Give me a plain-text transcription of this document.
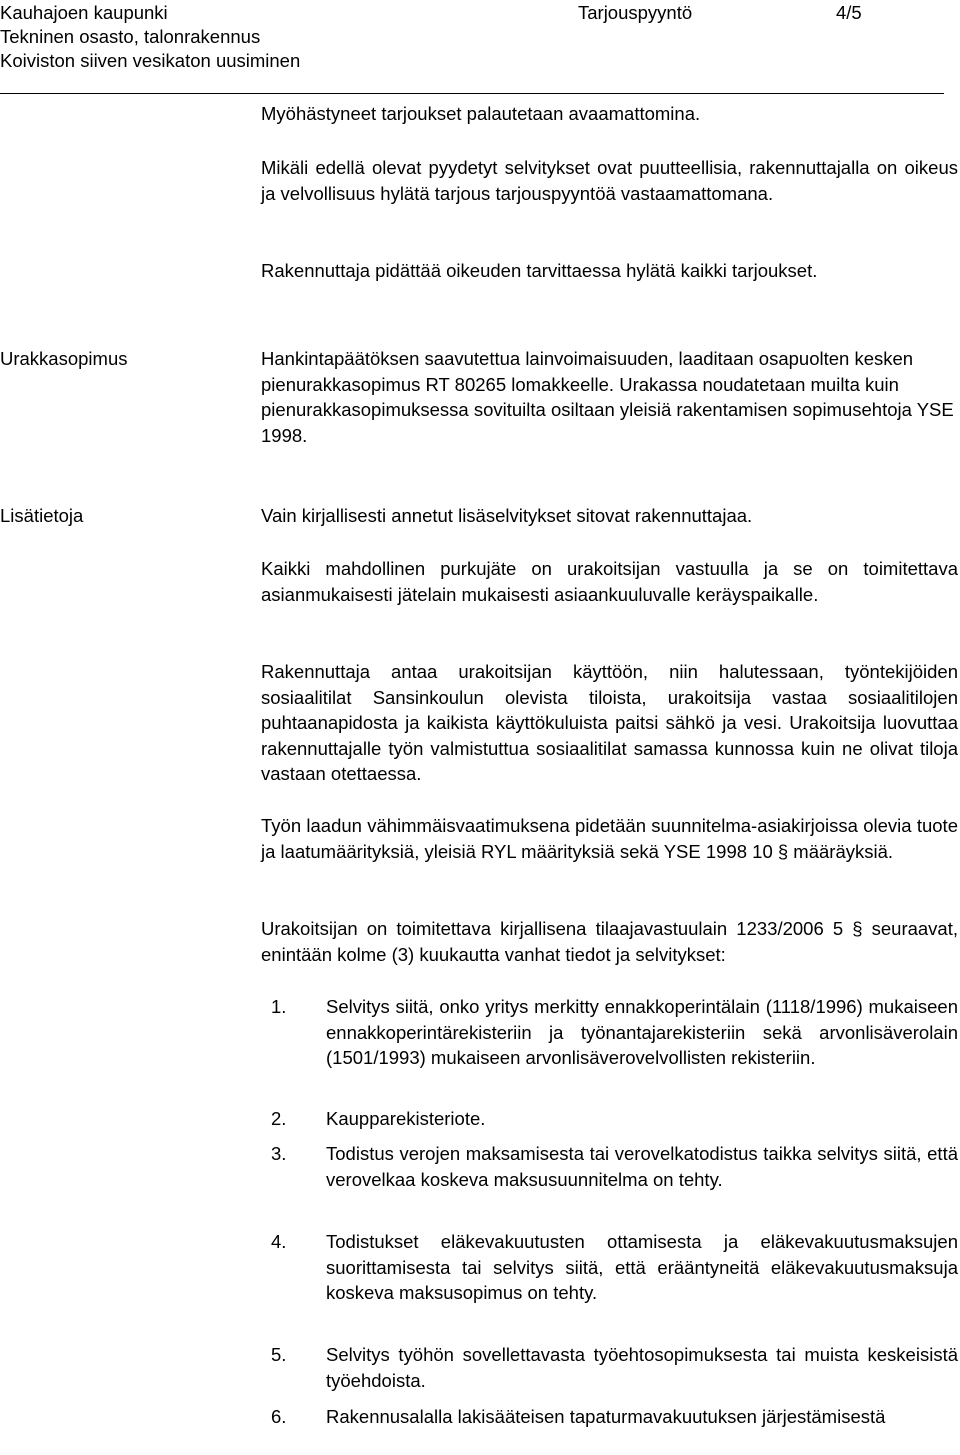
Kauhajoen kaupunki	Tarjouspyyntö	4/5
Tekninen osasto, talonrakennus
Koiviston siiven vesikaton uusiminen

Myöhästyneet tarjoukset palautetaan avaamattomina.

Mikäli edellä olevat pyydetyt selvitykset ovat puutteellisia, rakennuttajalla on oikeus ja velvollisuus hylätä tarjous tarjouspyyntöä vastaamattomana.

Rakennuttaja pidättää oikeuden tarvittaessa hylätä kaikki tarjoukset.

Urakkasopimus	Hankintapäätöksen saavutettua lainvoimaisuuden, laaditaan osapuolten kesken pienurakkasopimus RT 80265 lomakkeelle. Urakassa noudatetaan muilta kuin pienurakkasopimuksessa sovituilta osiltaan yleisiä rakentamisen sopimusehtoja YSE 1998.

Lisätietoja	Vain kirjallisesti annetut lisäselvitykset sitovat rakennuttajaa.

Kaikki mahdollinen purkujäte on urakoitsijan vastuulla ja se on toimitettava asianmukaisesti jätelain mukaisesti asiaankuuluvalle keräyspaikalle.

Rakennuttaja antaa urakoitsijan käyttöön, niin halutessaan, työntekijöiden sosiaalitilat Sansinkoulun olevista tiloista, urakoitsija vastaa sosiaalitilojen puhtaanapidosta ja kaikista käyttökuluista paitsi sähkö ja vesi. Urakoitsija luovuttaa rakennuttajalle työn valmistuttua sosiaalitilat samassa kunnossa kuin ne olivat tiloja vastaan otettaessa.

Työn laadun vähimmäisvaatimuksena pidetään suunnitelma-asiakirjoissa olevia tuote ja laatumäärityksiä, yleisiä RYL määrityksiä sekä YSE 1998 10 § määräyksiä.

Urakoitsijan on toimitettava kirjallisena tilaajavastuulain 1233/2006 5 § seuraavat, enintään kolme (3) kuukautta vanhat tiedot ja selvitykset:

1. Selvitys siitä, onko yritys merkitty ennakkoperintälain (1118/1996) mukaiseen ennakkoperintärekisteriin ja työnantajarekisteriin sekä arvonlisäverolain (1501/1993) mukaiseen arvonlisäverovelvollisten rekisteriin.
2. Kaupparekisteriote.
3. Todistus verojen maksamisesta tai verovelkatodistus taikka selvitys siitä, että verovelkaa koskeva maksusuunnitelma on tehty.
4. Todistukset eläkevakuutusten ottamisesta ja eläkevakuutusmaksujen suorittamisesta tai selvitys siitä, että erääntyneitä eläkevakuutusmaksuja koskeva maksusopimus on tehty.
5. Selvitys työhön sovellettavasta työehtosopimuksesta tai muista keskeisistä työehdoista.
6. Rakennusalalla lakisääteisen tapaturmavakuutuksen järjestämisestä
